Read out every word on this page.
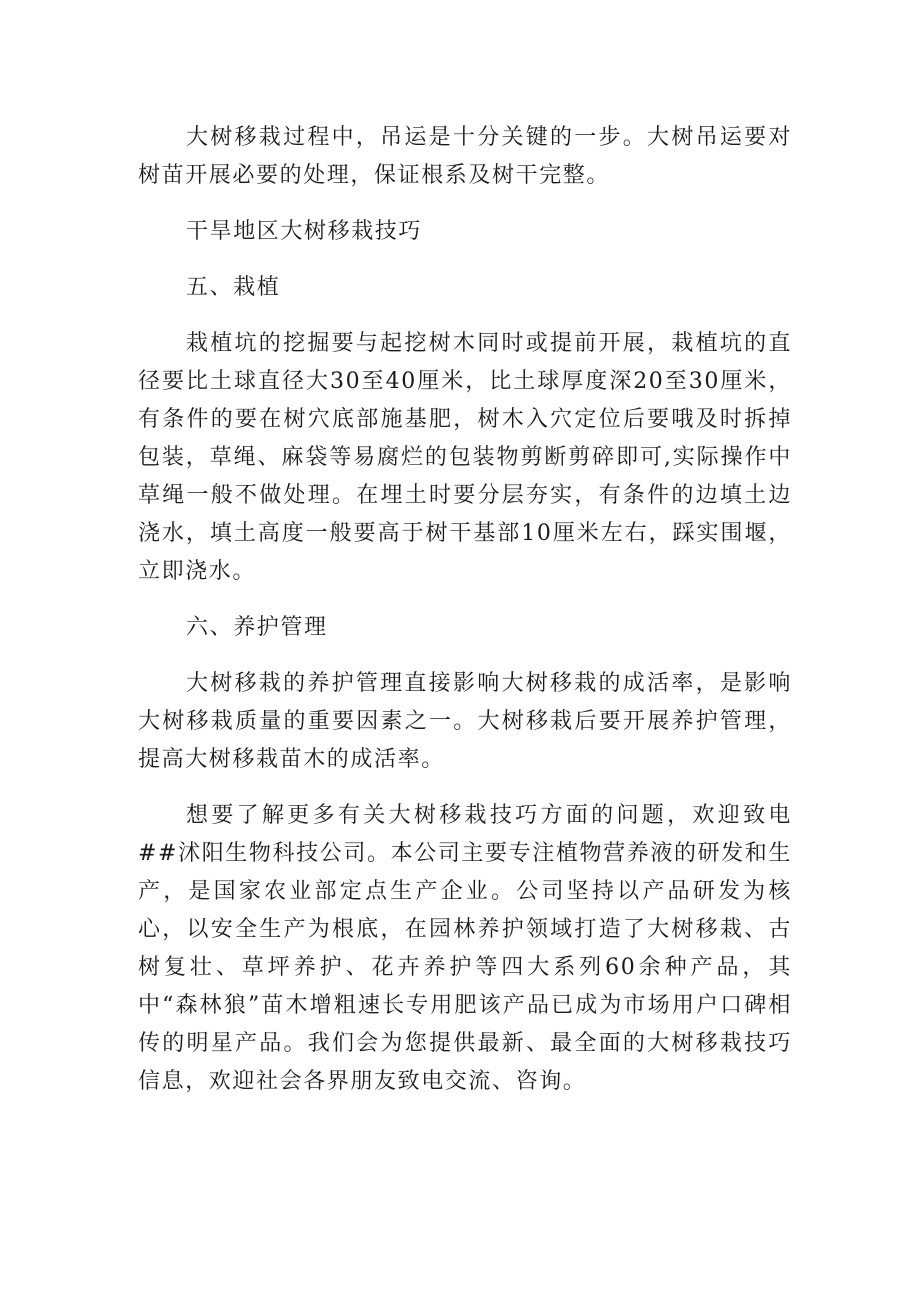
大树移栽过程中，吊运是十分关键的一步。大树吊运要对树苗开展必要的处理，保证根系及树干完整。

干旱地区大树移栽技巧

五、栽植

栽植坑的挖掘要与起挖树木同时或提前开展，栽植坑的直径要比土球直径大30至40厘米，比土球厚度深20至30厘米，有条件的要在树穴底部施基肥，树木入穴定位后要哦及时拆掉包装，草绳、麻袋等易腐烂的包装物剪断剪碎即可,实际操作中草绳一般不做处理。在埋土时要分层夯实，有条件的边填土边浇水，填土高度一般要高于树干基部10厘米左右，踩实围堰，立即浇水。

六、养护管理

大树移栽的养护管理直接影响大树移栽的成活率，是影响大树移栽质量的重要因素之一。大树移栽后要开展养护管理，提高大树移栽苗木的成活率。

想要了解更多有关大树移栽技巧方面的问题，欢迎致电##沭阳生物科技公司。本公司主要专注植物营养液的研发和生产，是国家农业部定点生产企业。公司坚持以产品研发为核心，以安全生产为根底，在园林养护领域打造了大树移栽、古树复壮、草坪养护、花卉养护等四大系列60余种产品，其中“森林狼”苗木增粗速长专用肥该产品已成为市场用户口碑相传的明星产品。我们会为您提供最新、最全面的大树移栽技巧信息，欢迎社会各界朋友致电交流、咨询。
